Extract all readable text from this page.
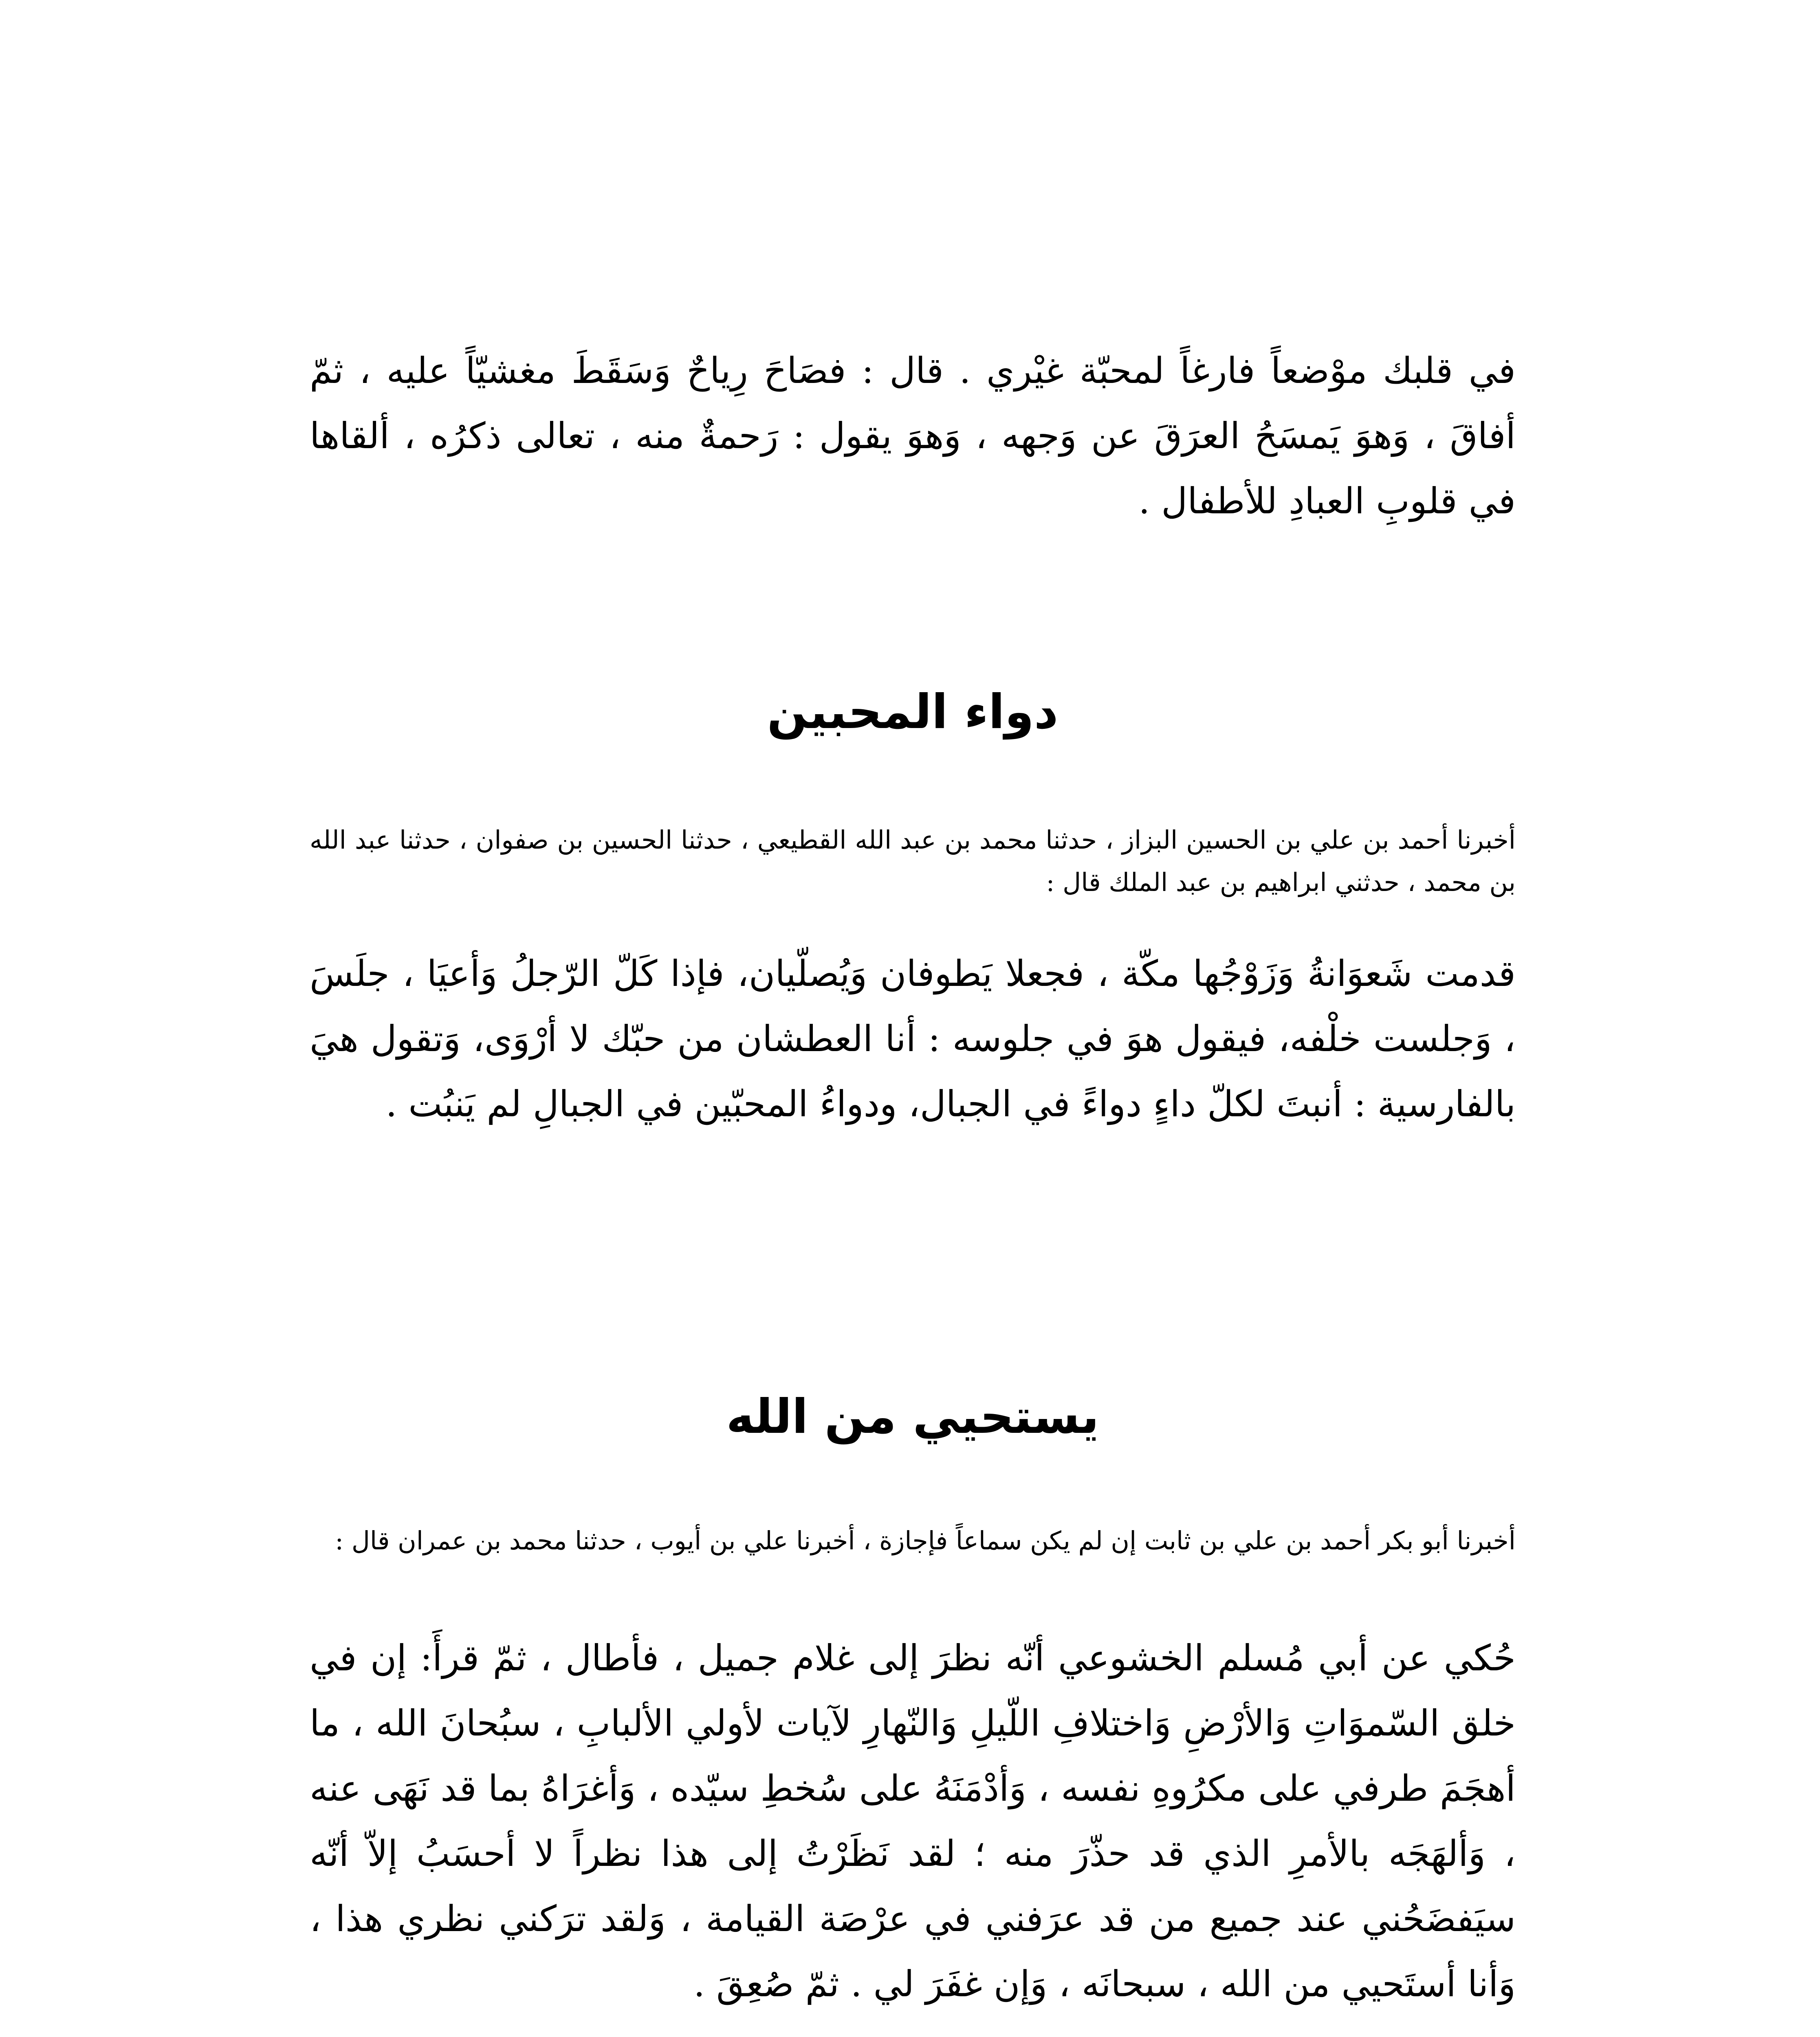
في قلبك موْضعاً فارغاً لمحبّة غيْري . قال : فصَاحَ رِياحٌ وَسَقَطَ مغشيّاً عليه ، ثمّ أفاقَ ، وَهوَ يَمسَحُ العرَقَ عن وَجهه ، وَهوَ يقول : رَحمةٌ منه ، تعالى ذكرُه ، ألقاها في قلوبِ العبادِ للأطفال .
دواء المحبين
أخبرنا أحمد بن علي بن الحسين البزاز ، حدثنا محمد بن عبد الله القطيعي ، حدثنا الحسين بن صفوان ، حدثنا عبد الله بن محمد ، حدثني ابراهيم بن عبد الملك قال :
قدمت شَعوَانةُ وَزَوْجُها مكّة ، فجعلا يَطوفان وَيُصلّيان، فإذا كَلّ الرّجلُ وَأعيَا ، جلَسَ ، وَجلست خلْفه، فيقول هوَ في جلوسه : أنا العطشان من حبّك لا أرْوَى، وَتقول هيَ بالفارسية : أنبتَ لكلّ داءٍ دواءً في الجبال، ودواءُ المحبّين في الجبالِ لم يَنبُت .
يستحيي من الله
أخبرنا أبو بكر أحمد بن علي بن ثابت إن لم يكن سماعاً فإجازة ، أخبرنا علي بن أيوب ، حدثنا محمد بن عمران قال :
حُكي عن أبي مُسلم الخشوعي أنّه نظرَ إلى غلام جميل ، فأطال ، ثمّ قرأَ: إن في خلق السّموَاتِ وَالأرْضِ وَاختلافِ اللّيلِ وَالنّهارِ لآيات لأولي الألبابِ ، سبُحانَ الله ، ما أهجَمَ طرفي على مكرُوهِ نفسه ، وَأدْمَنَهُ على سُخطِ سيّده ، وَأغرَاهُ بما قد نَهَى عنه ، وَألهَجَه بالأمرِ الذي قد حذّرَ منه ؛ لقد نَظَرْتُ إلى هذا نظراً لا أحسَبُ إلاّ أنّه سيَفضَحُني عند جميع من قد عرَفني في عرْصَة القيامة ، وَلقد ترَكني نظري هذا ، وَأنا أستَحيي من الله ، سبحانَه ، وَإن غفَرَ لي . ثمّ صُعِقَ .
